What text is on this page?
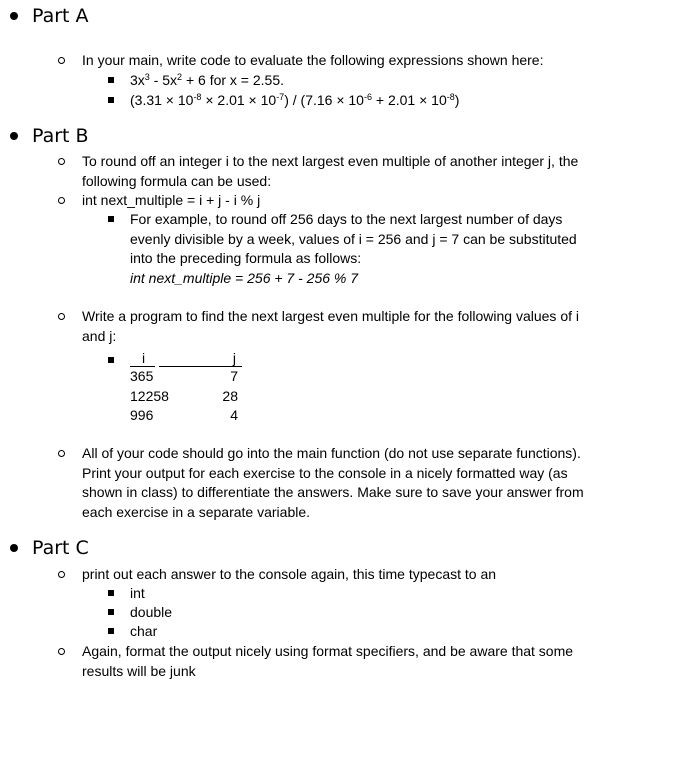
Part A
In your main, write code to evaluate the following expressions shown here:
$3x^3 - 5x^2 + 6$ for x = 2.55.
$(3.31 \times 10^{-8} \times 2.01 \times 10^{-7}) / (7.16 \times 10^{-6} + 2.01 \times 10^{-8})$
Part B
To round off an integer i to the next largest even multiple of another integer j, the
following formula can be used:
int next_multiple = i + j - i % j
For example, to round off 256 days to the next largest number of days
evenly divisible by a week, values of i = 256 and j = 7 can be substituted
into the preceding formula as follows:
int next_multiple = 256 + 7 - 256 % 7
Write a program to find the next largest even multiple for the following values of i
and j:
i	j
365	7
12258	28
996	4
All of your code should go into the main function (do not use separate functions).
Print your output for each exercise to the console in a nicely formatted way (as
shown in class) to differentiate the answers. Make sure to save your answer from
each exercise in a separate variable.
Part C
print out each answer to the console again, this time typecast to an
int
double
char
Again, format the output nicely using format specifiers, and be aware that some
results will be junk
